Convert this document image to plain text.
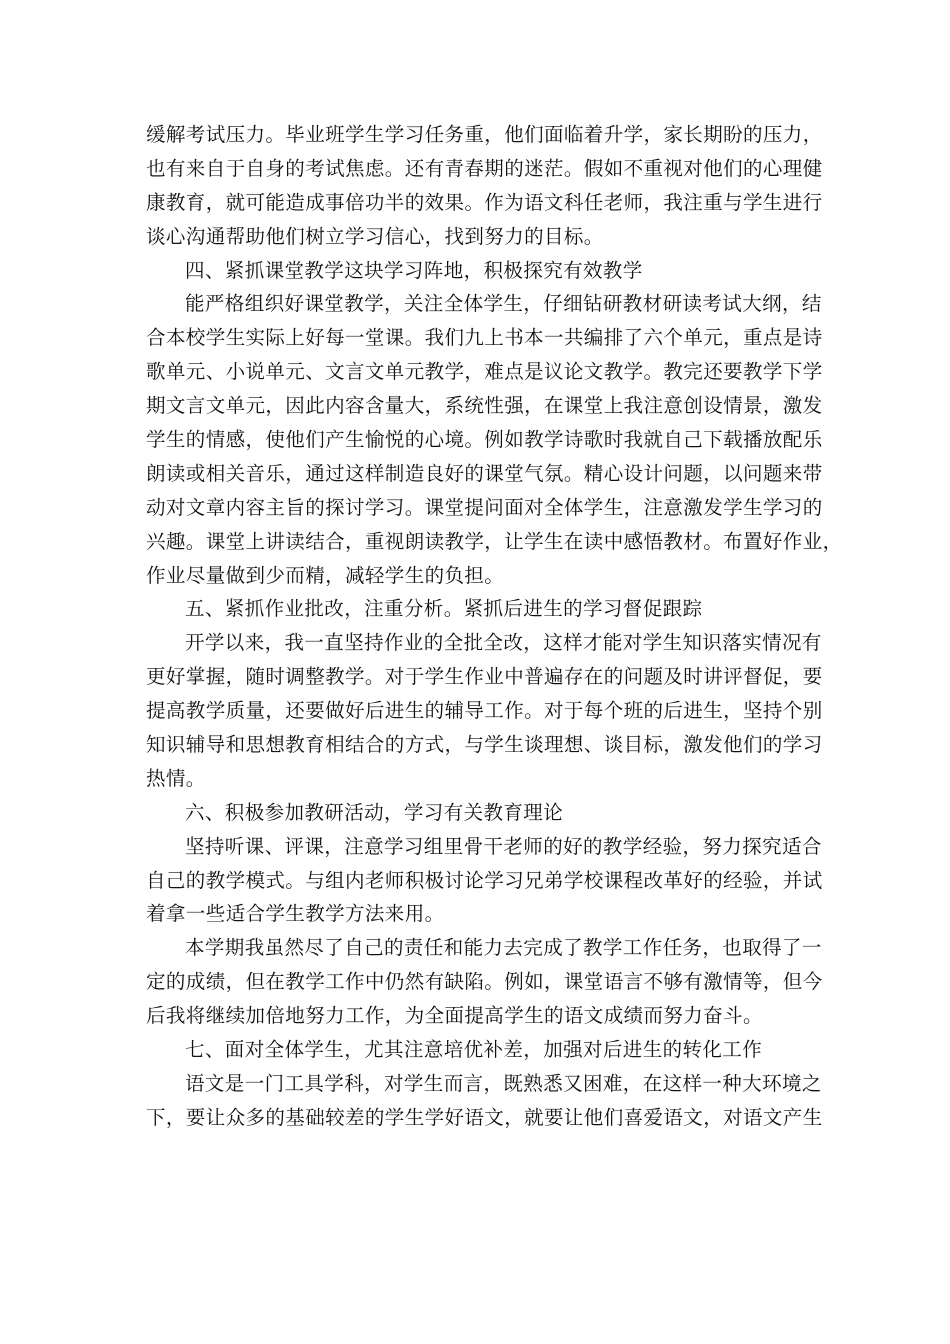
缓解考试压力。毕业班学生学习任务重，他们面临着升学，家长期盼的压力，
也有来自于自身的考试焦虑。还有青春期的迷茫。假如不重视对他们的心理健
康教育，就可能造成事倍功半的效果。作为语文科任老师，我注重与学生进行
谈心沟通帮助他们树立学习信心，找到努力的目标。
四、紧抓课堂教学这块学习阵地，积极探究有效教学
能严格组织好课堂教学，关注全体学生，仔细钻研教材研读考试大纲，结
合本校学生实际上好每一堂课。我们九上书本一共编排了六个单元，重点是诗
歌单元、小说单元、文言文单元教学，难点是议论文教学。教完还要教学下学
期文言文单元，因此内容含量大，系统性强，在课堂上我注意创设情景，激发
学生的情感，使他们产生愉悦的心境。例如教学诗歌时我就自己下载播放配乐
朗读或相关音乐，通过这样制造良好的课堂气氛。精心设计问题，以问题来带
动对文章内容主旨的探讨学习。课堂提问面对全体学生，注意激发学生学习的
兴趣。课堂上讲读结合，重视朗读教学，让学生在读中感悟教材。布置好作业，
作业尽量做到少而精，减轻学生的负担。
五、紧抓作业批改，注重分析。紧抓后进生的学习督促跟踪
开学以来，我一直坚持作业的全批全改，这样才能对学生知识落实情况有
更好掌握，随时调整教学。对于学生作业中普遍存在的问题及时讲评督促，要
提高教学质量，还要做好后进生的辅导工作。对于每个班的后进生，坚持个别
知识辅导和思想教育相结合的方式，与学生谈理想、谈目标，激发他们的学习
热情。
六、积极参加教研活动，学习有关教育理论
坚持听课、评课，注意学习组里骨干老师的好的教学经验，努力探究适合
自己的教学模式。与组内老师积极讨论学习兄弟学校课程改革好的经验，并试
着拿一些适合学生教学方法来用。
本学期我虽然尽了自己的责任和能力去完成了教学工作任务，也取得了一
定的成绩，但在教学工作中仍然有缺陷。例如，课堂语言不够有激情等，但今
后我将继续加倍地努力工作，为全面提高学生的语文成绩而努力奋斗。
七、面对全体学生，尤其注意培优补差，加强对后进生的转化工作
语文是一门工具学科，对学生而言，既熟悉又困难，在这样一种大环境之
下，要让众多的基础较差的学生学好语文，就要让他们喜爱语文，对语文产生
